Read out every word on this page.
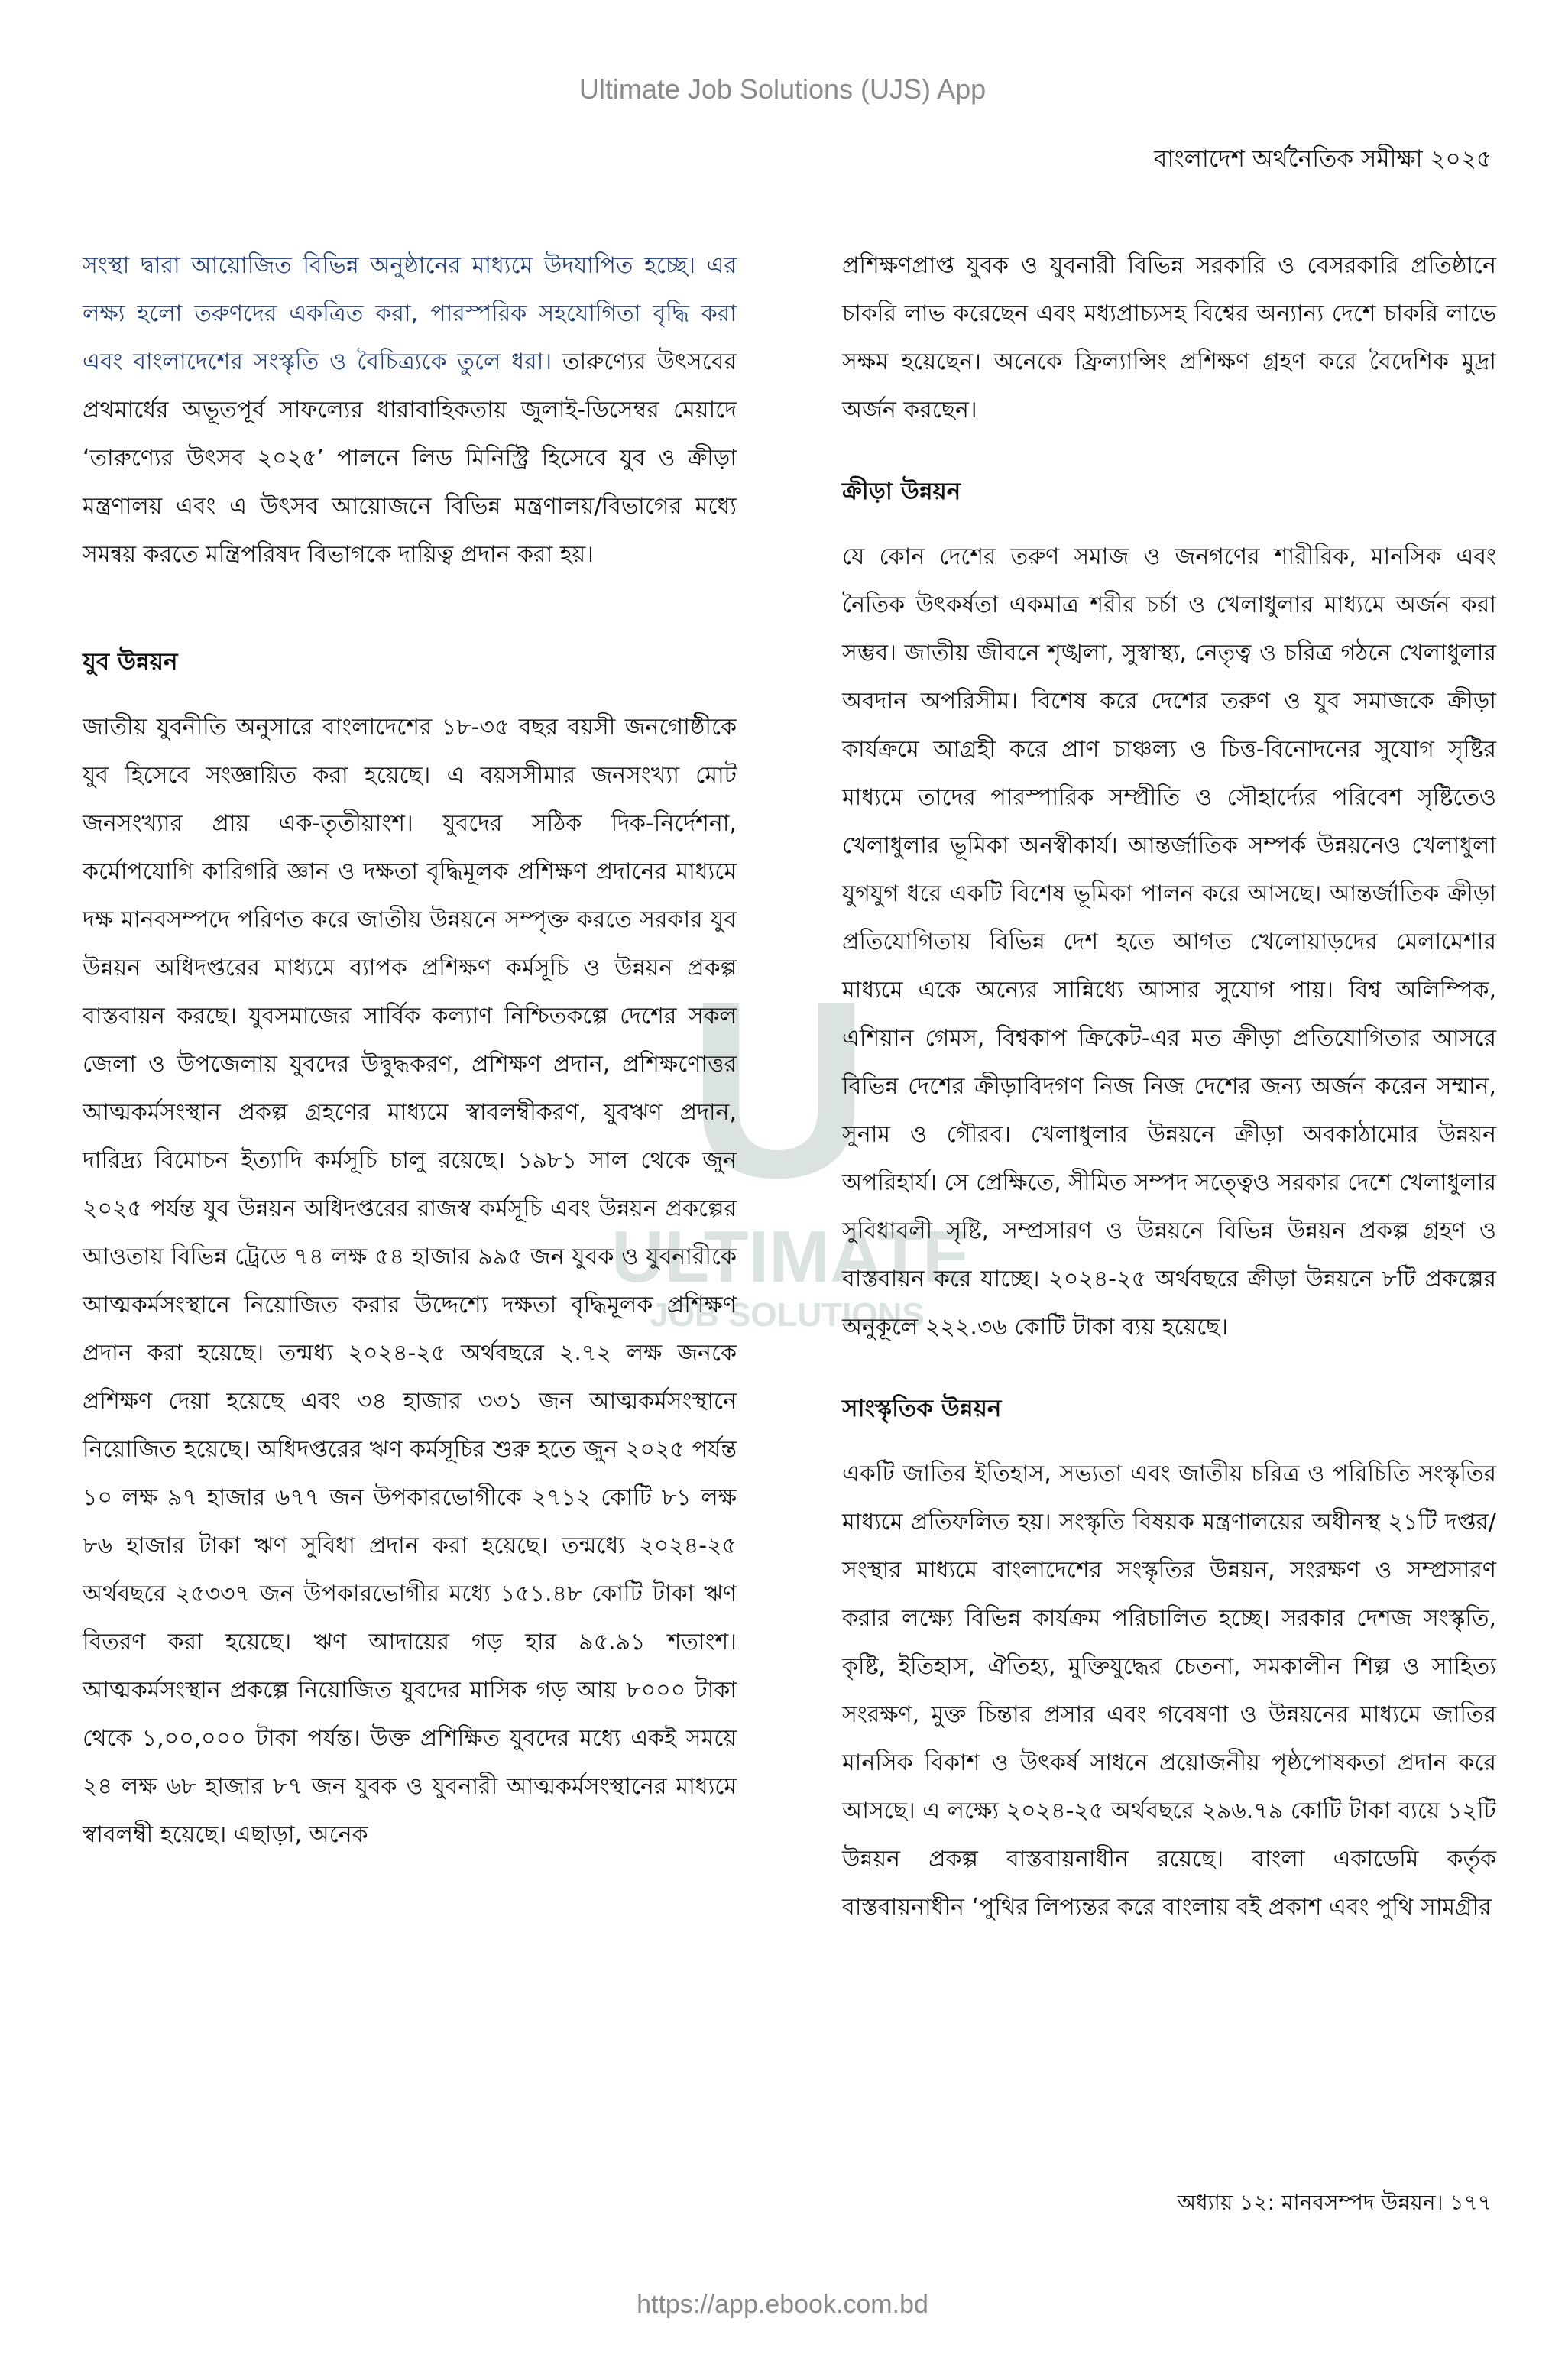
Ultimate Job Solutions (UJS) App
বাংলাদেশ অর্থনৈতিক সমীক্ষা ২০২৫
U
ULTIMATE
JOB SOLUTIONS

সংস্থা দ্বারা আয়োজিত বিভিন্ন অনুষ্ঠানের মাধ্যমে উদযাপিত হচ্ছে। এর লক্ষ্য হলো তরুণদের একত্রিত করা, পারস্পরিক সহযোগিতা বৃদ্ধি করা এবং বাংলাদেশের সংস্কৃতি ও বৈচিত্র্যকে তুলে ধরা। তারুণ্যের উৎসবের প্রথমার্ধের অভূতপূর্ব সাফল্যের ধারাবাহিকতায় জুলাই-ডিসেম্বর মেয়াদে ‘তারুণ্যের উৎসব ২০২৫’ পালনে লিড মিনিস্ট্রি হিসেবে যুব ও ক্রীড়া মন্ত্রণালয় এবং এ উৎসব আয়োজনে বিভিন্ন মন্ত্রণালয়/বিভাগের মধ্যে সমন্বয় করতে মন্ত্রিপরিষদ বিভাগকে দায়িত্ব প্রদান করা হয়।

যুব উন্নয়ন

জাতীয় যুবনীতি অনুসারে বাংলাদেশের ১৮-৩৫ বছর বয়সী জনগোষ্ঠীকে যুব হিসেবে সংজ্ঞায়িত করা হয়েছে। এ বয়সসীমার জনসংখ্যা মোট জনসংখ্যার প্রায় এক-তৃতীয়াংশ। যুবদের সঠিক দিক-নির্দেশনা, কর্মোপযোগি কারিগরি জ্ঞান ও দক্ষতা বৃদ্ধিমূলক প্রশিক্ষণ প্রদানের মাধ্যমে দক্ষ মানবসম্পদে পরিণত করে জাতীয় উন্নয়নে সম্পৃক্ত করতে সরকার যুব উন্নয়ন অধিদপ্তরের মাধ্যমে ব্যাপক প্রশিক্ষণ কর্মসূচি ও উন্নয়ন প্রকল্প বাস্তবায়ন করছে। যুবসমাজের সার্বিক কল্যাণ নিশ্চিতকল্পে দেশের সকল জেলা ও উপজেলায় যুবদের উদ্বুদ্ধকরণ, প্রশিক্ষণ প্রদান, প্রশিক্ষণোত্তর আত্মকর্মসংস্থান প্রকল্প গ্রহণের মাধ্যমে স্বাবলম্বীকরণ, যুবঋণ প্রদান, দারিদ্র্য বিমোচন ইত্যাদি কর্মসূচি চালু রয়েছে। ১৯৮১ সাল থেকে জুন ২০২৫ পর্যন্ত যুব উন্নয়ন অধিদপ্তরের রাজস্ব কর্মসূচি এবং উন্নয়ন প্রকল্পের আওতায় বিভিন্ন ট্রেডে ৭৪ লক্ষ ৫৪ হাজার ৯৯৫ জন যুবক ও যুবনারীকে আত্মকর্মসংস্থানে নিয়োজিত করার উদ্দেশ্যে দক্ষতা বৃদ্ধিমূলক প্রশিক্ষণ প্রদান করা হয়েছে। তন্মধ্য ২০২৪-২৫ অর্থবছরে ২.৭২ লক্ষ জনকে প্রশিক্ষণ দেয়া হয়েছে এবং ৩৪ হাজার ৩৩১ জন আত্মকর্মসংস্থানে নিয়োজিত হয়েছে। অধিদপ্তরের ঋণ কর্মসূচির শুরু হতে জুন ২০২৫ পর্যন্ত ১০ লক্ষ ৯৭ হাজার ৬৭৭ জন উপকারভোগীকে ২৭১২ কোটি ৮১ লক্ষ ৮৬ হাজার টাকা ঋণ সুবিধা প্রদান করা হয়েছে। তন্মধ্যে ২০২৪-২৫ অর্থবছরে ২৫৩৩৭ জন উপকারভোগীর মধ্যে ১৫১.৪৮ কোটি টাকা ঋণ বিতরণ করা হয়েছে। ঋণ আদায়ের গড় হার ৯৫.৯১ শতাংশ। আত্মকর্মসংস্থান প্রকল্পে নিয়োজিত যুবদের মাসিক গড় আয় ৮০০০ টাকা থেকে ১,০০,০০০ টাকা পর্যন্ত। উক্ত প্রশিক্ষিত যুবদের মধ্যে একই সময়ে ২৪ লক্ষ ৬৮ হাজার ৮৭ জন যুবক ও যুবনারী আত্মকর্মসংস্থানের মাধ্যমে স্বাবলম্বী হয়েছে। এছাড়া, অনেক

প্রশিক্ষণপ্রাপ্ত যুবক ও যুবনারী বিভিন্ন সরকারি ও বেসরকারি প্রতিষ্ঠানে চাকরি লাভ করেছেন এবং মধ্যপ্রাচ্যসহ বিশ্বের অন্যান্য দেশে চাকরি লাভে সক্ষম হয়েছেন। অনেকে ফ্রিল্যান্সিং প্রশিক্ষণ গ্রহণ করে বৈদেশিক মুদ্রা অর্জন করছেন।

ক্রীড়া উন্নয়ন

যে কোন দেশের তরুণ সমাজ ও জনগণের শারীরিক, মানসিক এবং নৈতিক উৎকর্ষতা একমাত্র শরীর চর্চা ও খেলাধুলার মাধ্যমে অর্জন করা সম্ভব। জাতীয় জীবনে শৃঙ্খলা, সুস্বাস্থ্য, নেতৃত্ব ও চরিত্র গঠনে খেলাধুলার অবদান অপরিসীম। বিশেষ করে দেশের তরুণ ও যুব সমাজকে ক্রীড়া কার্যক্রমে আগ্রহী করে প্রাণ চাঞ্চল্য ও চিত্ত-বিনোদনের সুযোগ সৃষ্টির মাধ্যমে তাদের পারস্পারিক সম্প্রীতি ও সৌহার্দ্যের পরিবেশ সৃষ্টিতেও খেলাধুলার ভূমিকা অনস্বীকার্য। আন্তর্জাতিক সম্পর্ক উন্নয়নেও খেলাধুলা যুগযুগ ধরে একটি বিশেষ ভূমিকা পালন করে আসছে। আন্তর্জাতিক ক্রীড়া প্রতিযোগিতায় বিভিন্ন দেশ হতে আগত খেলোয়াড়দের মেলামেশার মাধ্যমে একে অন্যের সান্নিধ্যে আসার সুযোগ পায়। বিশ্ব অলিম্পিক, এশিয়ান গেমস, বিশ্বকাপ ক্রিকেট-এর মত ক্রীড়া প্রতিযোগিতার আসরে বিভিন্ন দেশের ক্রীড়াবিদগণ নিজ নিজ দেশের জন্য অর্জন করেন সম্মান, সুনাম ও গৌরব। খেলাধুলার উন্নয়নে ক্রীড়া অবকাঠামোর উন্নয়ন অপরিহার্য। সে প্রেক্ষিতে, সীমিত সম্পদ সত্ত্বেও সরকার দেশে খেলাধুলার সুবিধাবলী সৃষ্টি, সম্প্রসারণ ও উন্নয়নে বিভিন্ন উন্নয়ন প্রকল্প গ্রহণ ও বাস্তবায়ন করে যাচ্ছে। ২০২৪-২৫ অর্থবছরে ক্রীড়া উন্নয়নে ৮টি প্রকল্পের অনুকূলে ২২২.৩৬ কোটি টাকা ব্যয় হয়েছে।

সাংস্কৃতিক উন্নয়ন

একটি জাতির ইতিহাস, সভ্যতা এবং জাতীয় চরিত্র ও পরিচিতি সংস্কৃতির মাধ্যমে প্রতিফলিত হয়। সংস্কৃতি বিষয়ক মন্ত্রণালয়ের অধীনস্থ ২১টি দপ্তর/সংস্থার মাধ্যমে বাংলাদেশের সংস্কৃতির উন্নয়ন, সংরক্ষণ ও সম্প্রসারণ করার লক্ষ্যে বিভিন্ন কার্যক্রম পরিচালিত হচ্ছে। সরকার দেশজ সংস্কৃতি, কৃষ্টি, ইতিহাস, ঐতিহ্য, মুক্তিযুদ্ধের চেতনা, সমকালীন শিল্প ও সাহিত্য সংরক্ষণ, মুক্ত চিন্তার প্রসার এবং গবেষণা ও উন্নয়নের মাধ্যমে জাতির মানসিক বিকাশ ও উৎকর্ষ সাধনে প্রয়োজনীয় পৃষ্ঠপোষকতা প্রদান করে আসছে। এ লক্ষ্যে ২০২৪-২৫ অর্থবছরে ২৯৬.৭৯ কোটি টাকা ব্যয়ে ১২টি উন্নয়ন প্রকল্প বাস্তবায়নাধীন রয়েছে। বাংলা একাডেমি কর্তৃক বাস্তবায়নাধীন ‘পুথির লিপ্যন্তর করে বাংলায় বই প্রকাশ এবং পুথি সামগ্রীর

অধ্যায় ১২: মানবসম্পদ উন্নয়ন। ১৭৭
https://app.ebook.com.bd
